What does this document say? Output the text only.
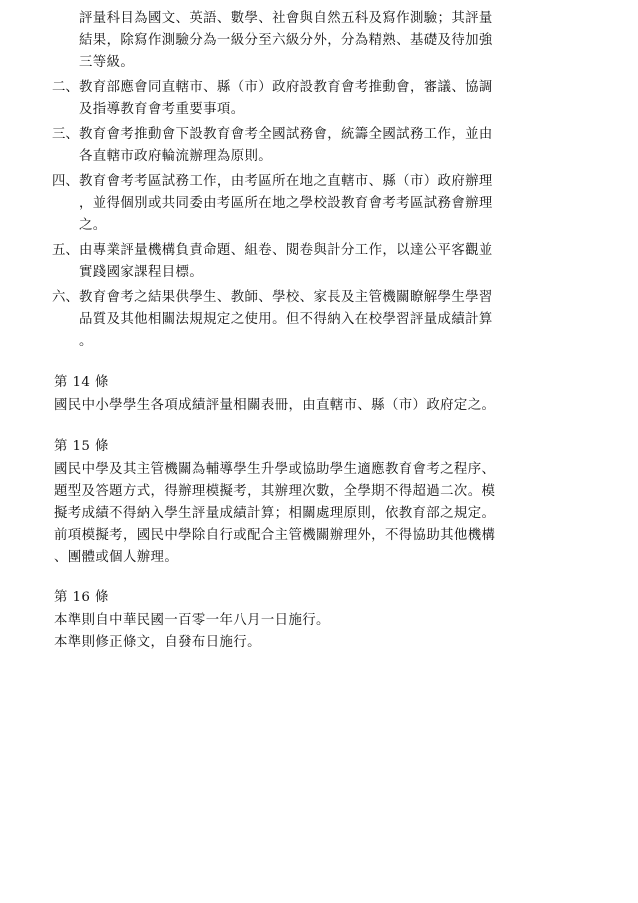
評量科目為國文、英語、數學、社會與自然五科及寫作測驗；其評量
結果，除寫作測驗分為一級分至六級分外，分為精熟、基礎及待加強
三等級。
二、 教育部應會同直轄市、縣（市）政府設教育會考推動會，審議、協調
及指導教育會考重要事項。
三、 教育會考推動會下設教育會考全國試務會，統籌全國試務工作，並由
各直轄市政府輪流辦理為原則。
四、 教育會考考區試務工作，由考區所在地之直轄市、縣（市）政府辦理
，並得個別或共同委由考區所在地之學校設教育會考考區試務會辦理
之。
五、 由專業評量機構負責命題、組卷、閱卷與計分工作，以達公平客觀並
實踐國家課程目標。
六、 教育會考之結果供學生、教師、學校、家長及主管機關瞭解學生學習
品質及其他相關法規規定之使用。但不得納入在校學習評量成績計算
。
第 14 條
國民中小學學生各項成績評量相關表冊，由直轄市、縣（市）政府定之。
第 15 條
國民中學及其主管機關為輔導學生升學或協助學生適應教育會考之程序、
題型及答題方式，得辦理模擬考，其辦理次數，全學期不得超過二次。模
擬考成績不得納入學生評量成績計算；相關處理原則，依教育部之規定。
前項模擬考，國民中學除自行或配合主管機關辦理外，不得協助其他機構
、團體或個人辦理。
第 16 條
本準則自中華民國一百零一年八月一日施行。
本準則修正條文，自發布日施行。
